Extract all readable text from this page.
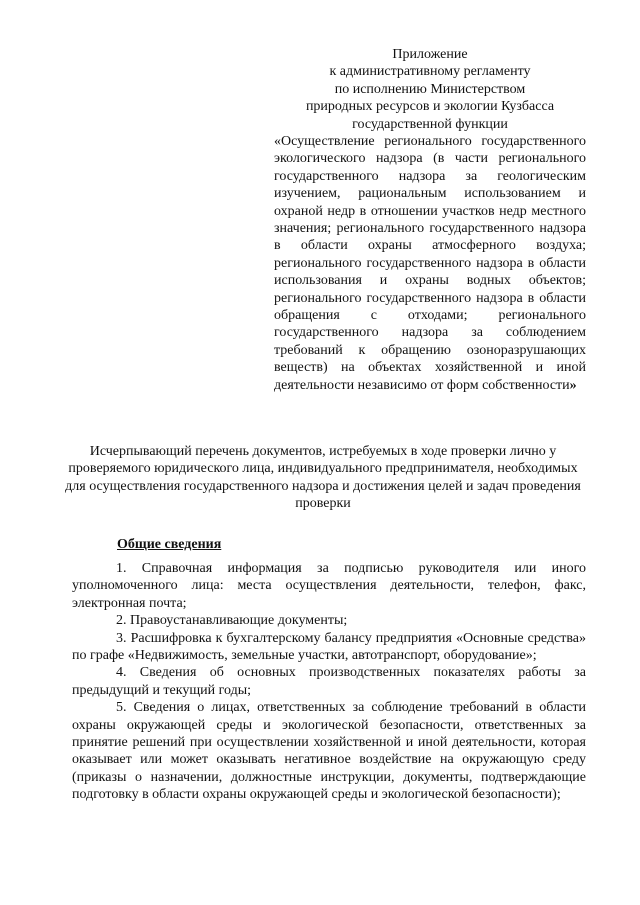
Приложение
к административному регламенту
по исполнению Министерством
природных ресурсов и экологии Кузбасса
государственной функции
«Осуществление регионального государственного экологического надзора (в части регионального государственного надзора за геологическим изучением, рациональным использованием и охраной недр в отношении участков недр местного значения; регионального государственного надзора в области охраны атмосферного воздуха; регионального государственного надзора в области использования и охраны водных объектов; регионального государственного надзора в области обращения с отходами; регионального государственного надзора за соблюдением требований к обращению озоноразрушающих веществ) на объектах хозяйственной и иной деятельности независимо от форм собственности»
Исчерпывающий перечень документов, истребуемых в ходе проверки лично у проверяемого юридического лица, индивидуального предпринимателя, необходимых для осуществления государственного надзора и достижения целей и задач проведения проверки
Общие сведения
1. Справочная информация за подписью руководителя или иного уполномоченного лица: места осуществления деятельности, телефон, факс, электронная почта;
2. Правоустанавливающие документы;
3. Расшифровка к бухгалтерскому балансу предприятия «Основные средства» по графе «Недвижимость, земельные участки, автотранспорт, оборудование»;
4. Сведения об основных производственных показателях работы за предыдущий и текущий годы;
5. Сведения о лицах, ответственных за соблюдение требований в области охраны окружающей среды и экологической безопасности, ответственных за принятие решений при осуществлении хозяйственной и иной деятельности, которая оказывает или может оказывать негативное воздействие на окружающую среду (приказы о назначении, должностные инструкции, документы, подтверждающие подготовку в области охраны окружающей среды и экологической безопасности);
